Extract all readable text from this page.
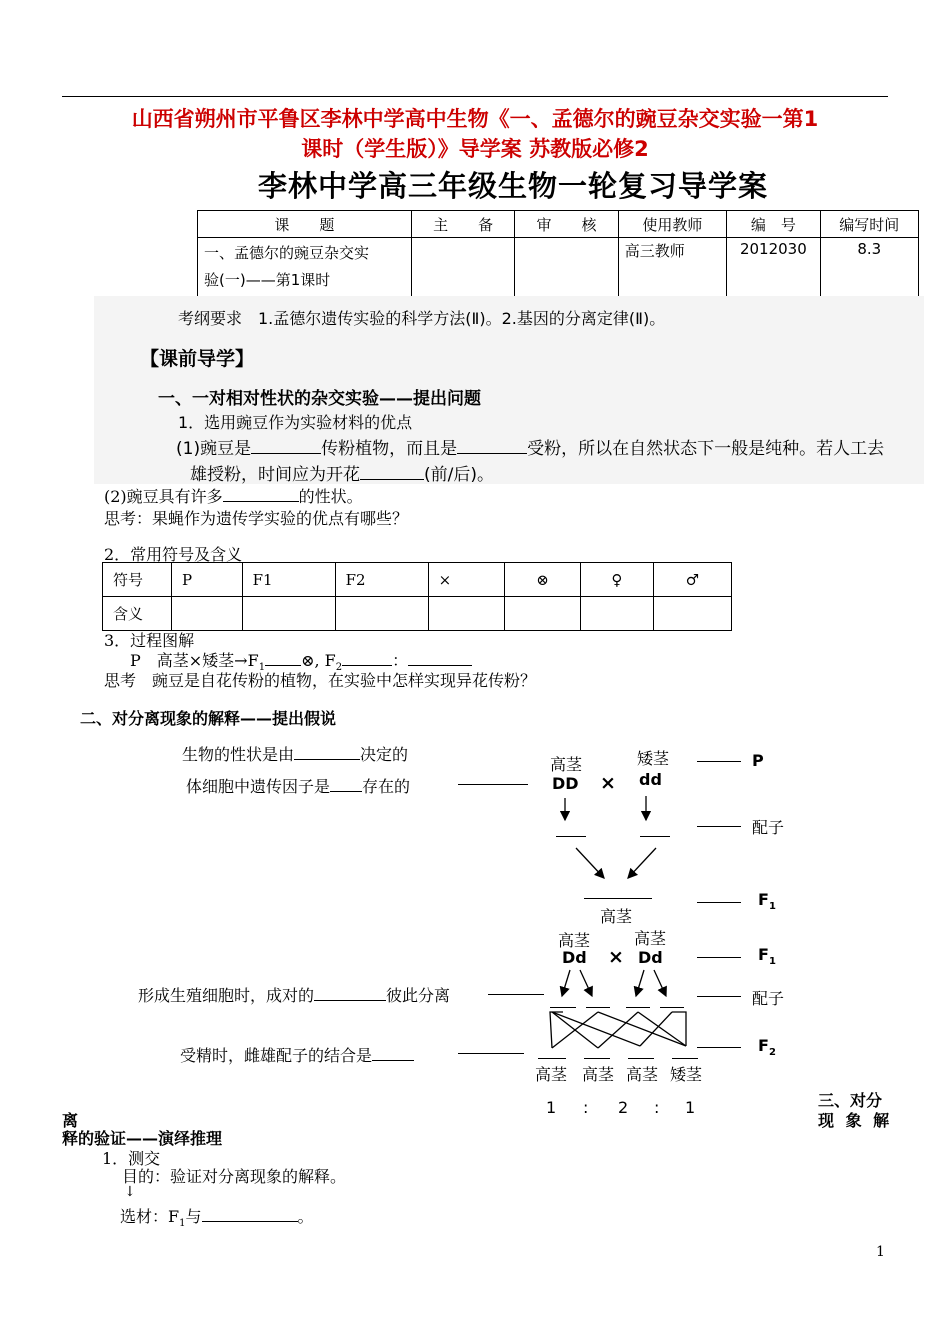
山西省朔州市平鲁区李林中学高中生物《一、孟德尔的豌豆杂交实验一第1
课时（学生版）》导学案 苏教版必修2
李林中学高三年级生物一轮复习导学案
课　　题	主　　备	审　　核	使用教师	编　号	编写时间

一、孟德尔的豌豆杂交实
验(一)——第1课时			高三教师	2012030	8.3
考纲要求　1.孟德尔遗传实验的科学方法(Ⅱ)。2.基因的分离定律(Ⅱ)。
【课前导学】
一、一对相对性状的杂交实验——提出问题
1．选用豌豆作为实验材料的优点
(1)豌豆是	传粉植物，而且是	受粉，所以在自然状态下一般是纯种。若人工去
雄授粉，时间应为开花	(前/后)。
(2)豌豆具有许多	的性状。
思考：果蝇作为遗传学实验的优点有哪些？
2．常用符号及含义
符号	P	F1	F2	×	⊗	♀	♂
含义							
3．过程图解
P　高茎×矮茎$\to F_1$ ⊗, $F_2$	：
思考　豌豆是自花传粉的植物，在实验中怎样实现异花传粉？
二、对分离现象的解释——提出假说
生物的性状是由	决定的
体细胞中遗传因子是 存在的
形成生殖细胞时，成对的	彼此分离
受精时，雌雄配子的结合是
高茎
DD ×
矮茎
dd
P
配子
高茎
$F_1$
高茎
Dd ×
高茎
Dd	$F_1$
配子
$F_2$
高茎 高茎 高茎 矮茎
1 : 2 : 1	三、对分
现 象 解
离
释的验证——演绎推理
1．测交
目的：验证对分离现象的解释。
↓
选材：$F_1$与	。
1
